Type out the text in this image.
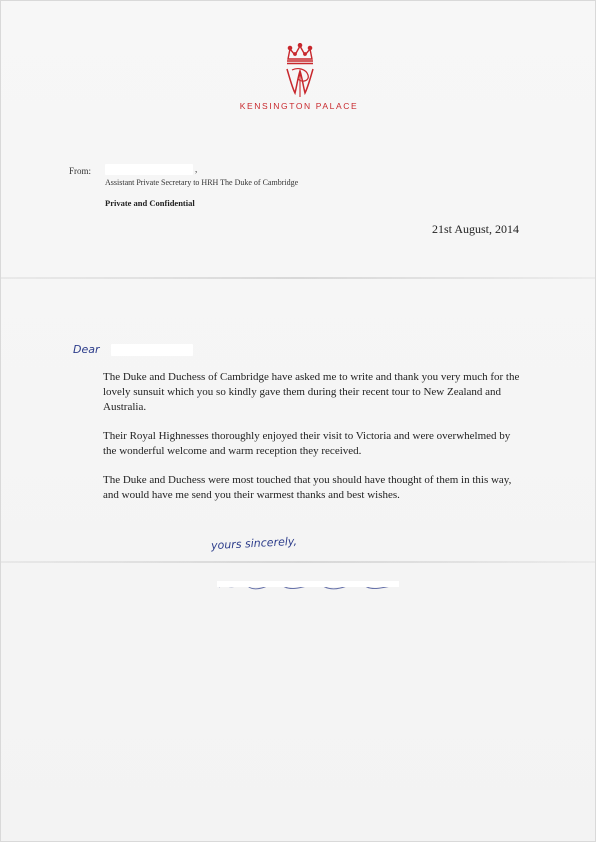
KENSINGTON PALACE
From:	,
Assistant Private Secretary to HRH The Duke of Cambridge
Private and Confidential
21st August, 2014
Dear

The Duke and Duchess of Cambridge have asked me to write and thank you very much for the lovely sunsuit which you so kindly gave them during their recent tour to New Zealand and Australia.

Their Royal Highnesses thoroughly enjoyed their visit to Victoria and were overwhelmed by the wonderful welcome and warm reception they received.

The Duke and Duchess were most touched that you should have thought of them in this way, and would have me send you their warmest thanks and best wishes.

yours sincerely,
